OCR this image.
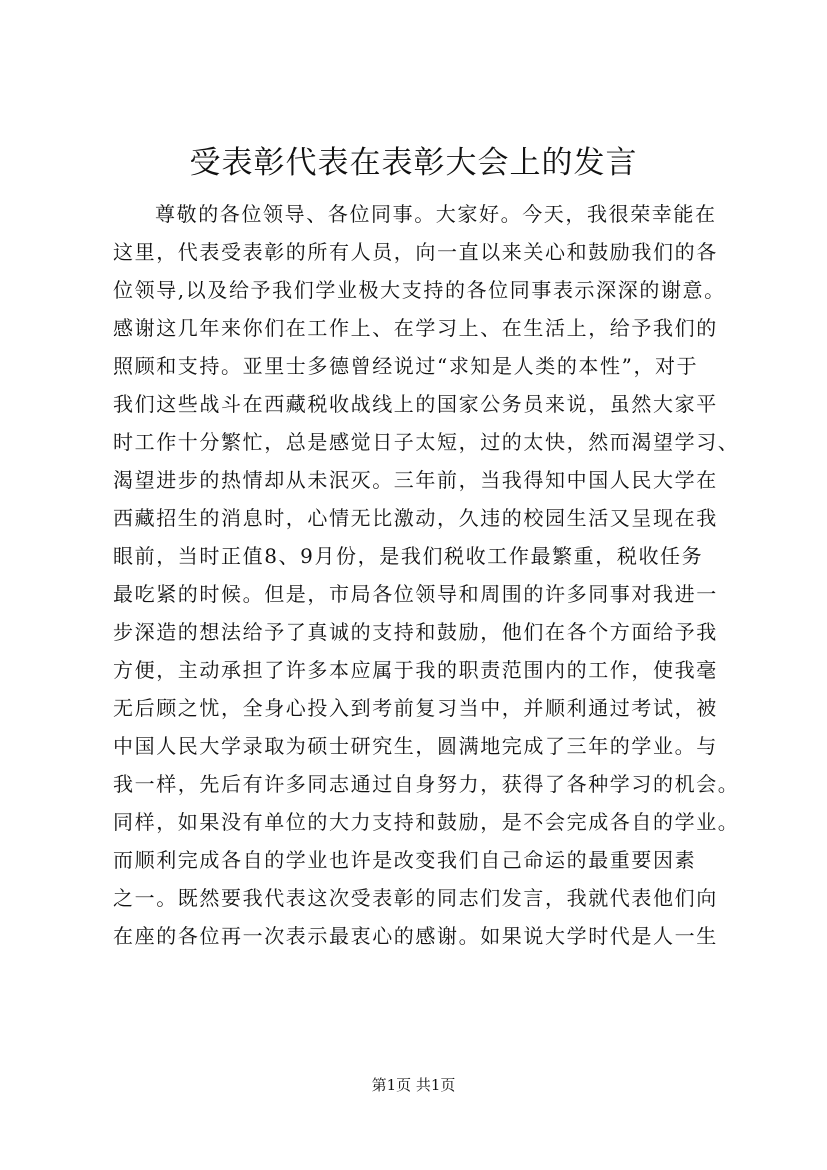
受表彰代表在表彰大会上的发言
尊敬的各位领导、各位同事。大家好。今天，我很荣幸能在
这里，代表受表彰的所有人员，向一直以来关心和鼓励我们的各
位领导,以及给予我们学业极大支持的各位同事表示深深的谢意。
感谢这几年来你们在工作上、在学习上、在生活上，给予我们的
照顾和支持。亚里士多德曾经说过“求知是人类的本性”，对于
我们这些战斗在西藏税收战线上的国家公务员来说，虽然大家平
时工作十分繁忙，总是感觉日子太短，过的太快，然而渴望学习、
渴望进步的热情却从未泯灭。三年前，当我得知中国人民大学在
西藏招生的消息时，心情无比激动，久违的校园生活又呈现在我
眼前，当时正值8、9月份，是我们税收工作最繁重，税收任务
最吃紧的时候。但是，市局各位领导和周围的许多同事对我进一
步深造的想法给予了真诚的支持和鼓励，他们在各个方面给予我
方便，主动承担了许多本应属于我的职责范围内的工作，使我毫
无后顾之忧，全身心投入到考前复习当中，并顺利通过考试，被
中国人民大学录取为硕士研究生，圆满地完成了三年的学业。与
我一样，先后有许多同志通过自身努力，获得了各种学习的机会。
同样，如果没有单位的大力支持和鼓励，是不会完成各自的学业。
而顺利完成各自的学业也许是改变我们自己命运的最重要因素
之一。既然要我代表这次受表彰的同志们发言，我就代表他们向
在座的各位再一次表示最衷心的感谢。如果说大学时代是人一生
第1页 共1页
